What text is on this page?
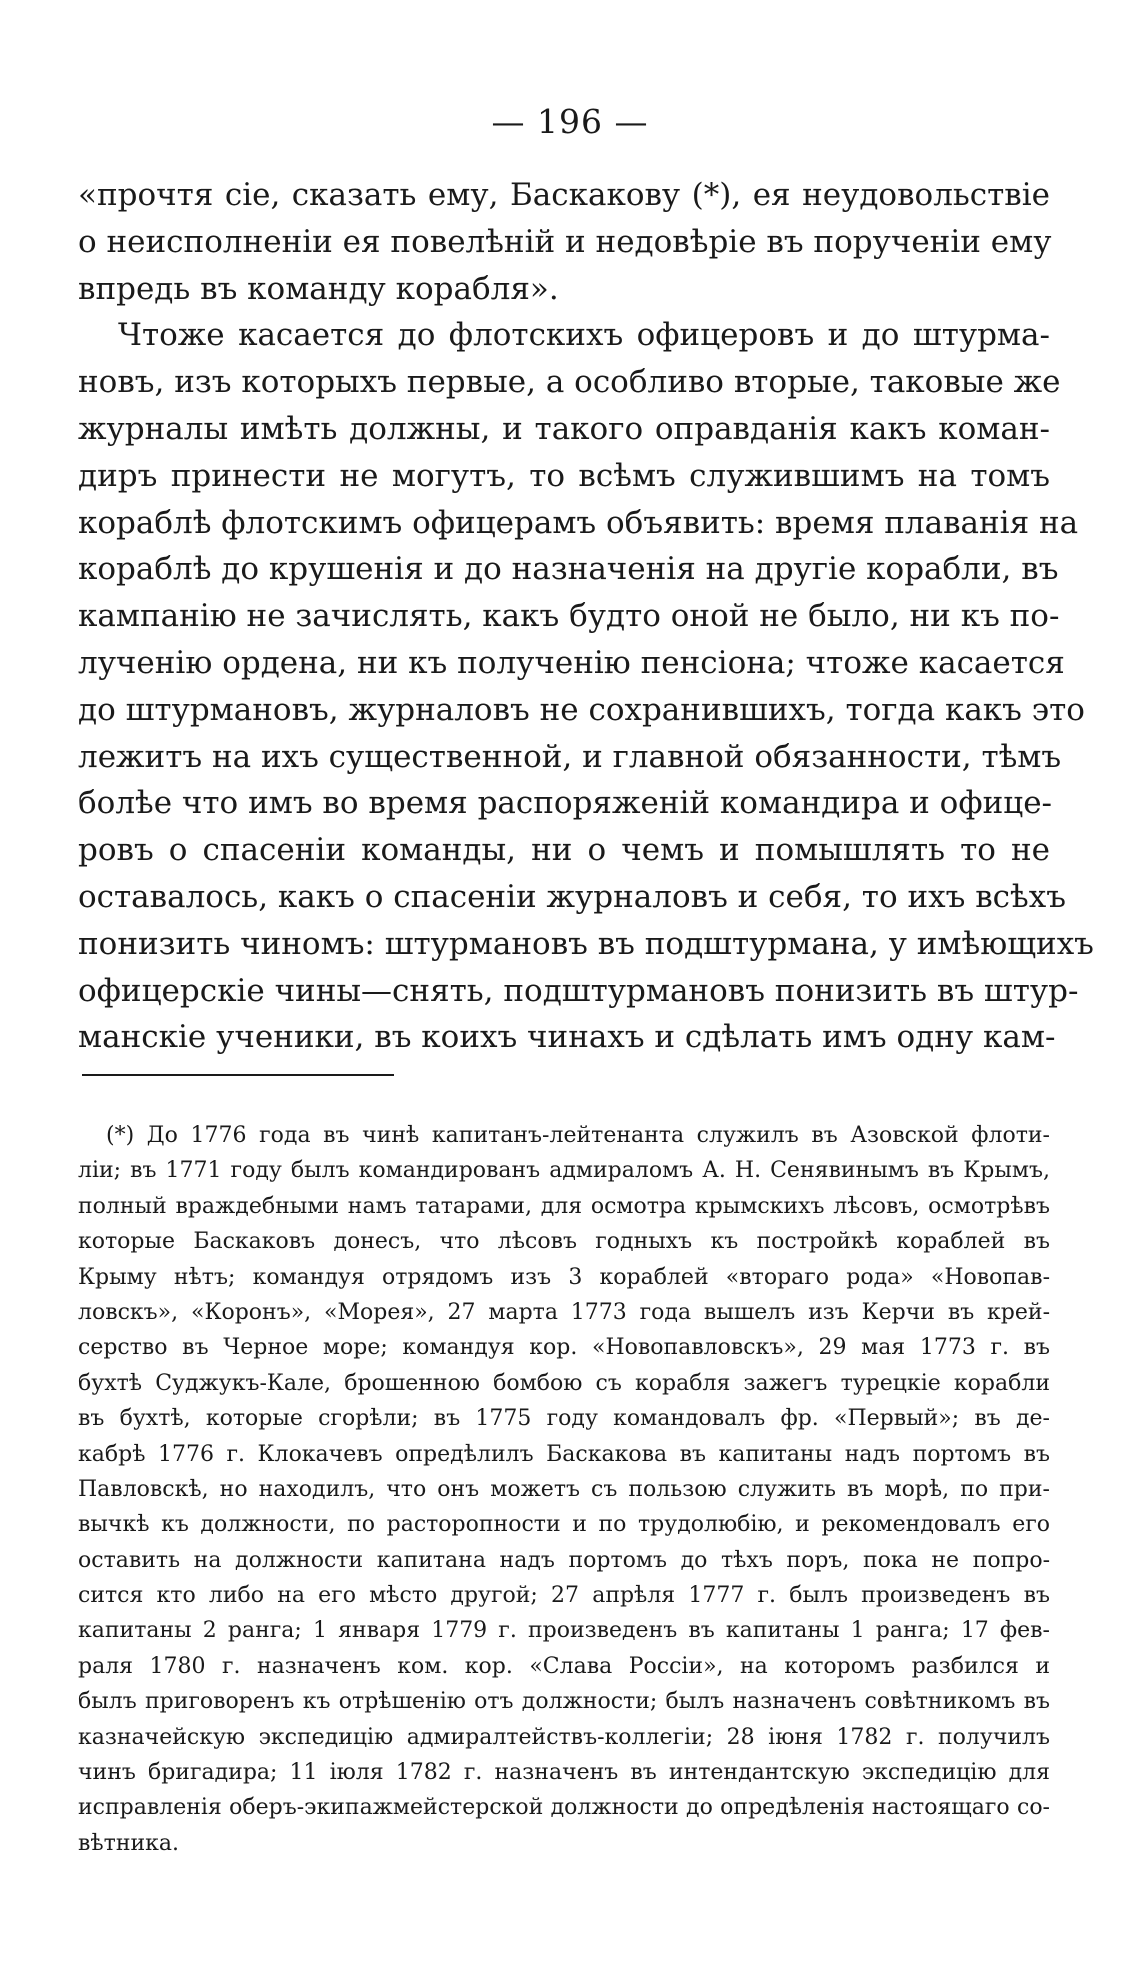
— 196 —
«прочтя сіе, сказать ему, Баскакову (*), ея неудовольствіе
о неисполненіи ея повелѣній и недовѣріе въ порученіи ему
впредь въ команду корабля».
Чтоже касается до флотскихъ офицеровъ и до штурма-
новъ, изъ которыхъ первые, а особливо вторые, таковые же
журналы имѣть должны, и такого оправданія какъ коман-
диръ принести не могутъ, то всѣмъ служившимъ на томъ
кораблѣ флотскимъ офицерамъ объявить: время плаванія на
кораблѣ до крушенія и до назначенія на другіе корабли, въ
кампанію не зачислять, какъ будто оной не было, ни къ по-
лученію ордена, ни къ полученію пенсіона; чтоже касается
до штурмановъ, журналовъ не сохранившихъ, тогда какъ это
лежитъ на ихъ существенной, и главной обязанности, тѣмъ
болѣе что имъ во время распоряженій командира и офице-
ровъ о спасеніи команды, ни о чемъ и помышлять то не
оставалось, какъ о спасеніи журналовъ и себя, то ихъ всѣхъ
понизить чиномъ: штурмановъ въ подштурмана, у имѣющихъ
офицерскіе чины—снять, подштурмановъ понизить въ штур-
манскіе ученики, въ коихъ чинахъ и сдѣлать имъ одну кам-
(*) До 1776 года въ чинѣ капитанъ-лейтенанта служилъ въ Азовской флоти-
ліи; въ 1771 году былъ командированъ адмираломъ А. Н. Сенявинымъ въ Крымъ,
полный враждебными намъ татарами, для осмотра крымскихъ лѣсовъ, осмотрѣвъ
которые Баскаковъ донесъ, что лѣсовъ годныхъ къ постройкѣ кораблей въ
Крыму нѣтъ; командуя отрядомъ изъ 3 кораблей «втораго рода» «Новопав-
ловскъ», «Коронъ», «Морея», 27 марта 1773 года вышелъ изъ Керчи въ крей-
серство въ Черное море; командуя кор. «Новопавловскъ», 29 мая 1773 г. въ
бухтѣ Суджукъ-Кале, брошенною бомбою съ корабля зажегъ турецкіе корабли
въ бухтѣ, которые сгорѣли; въ 1775 году командовалъ фр. «Первый»; въ де-
кабрѣ 1776 г. Клокачевъ опредѣлилъ Баскакова въ капитаны надъ портомъ въ
Павловскѣ, но находилъ, что онъ можетъ съ пользою служить въ морѣ, по при-
вычкѣ къ должности, по расторопности и по трудолюбію, и рекомендовалъ его
оставить на должности капитана надъ портомъ до тѣхъ поръ, пока не попро-
сится кто либо на его мѣсто другой; 27 апрѣля 1777 г. былъ произведенъ въ
капитаны 2 ранга; 1 января 1779 г. произведенъ въ капитаны 1 ранга; 17 фев-
раля 1780 г. назначенъ ком. кор. «Слава Россіи», на которомъ разбился и
былъ приговоренъ къ отрѣшенію отъ должности; былъ назначенъ совѣтникомъ въ
казначейскую экспедицію адмиралтействъ-коллегіи; 28 іюня 1782 г. получилъ
чинъ бригадира; 11 іюля 1782 г. назначенъ въ интендантскую экспедицію для
исправленія оберъ-экипажмейстерской должности до опредѣленія настоящаго со-
вѣтника.
